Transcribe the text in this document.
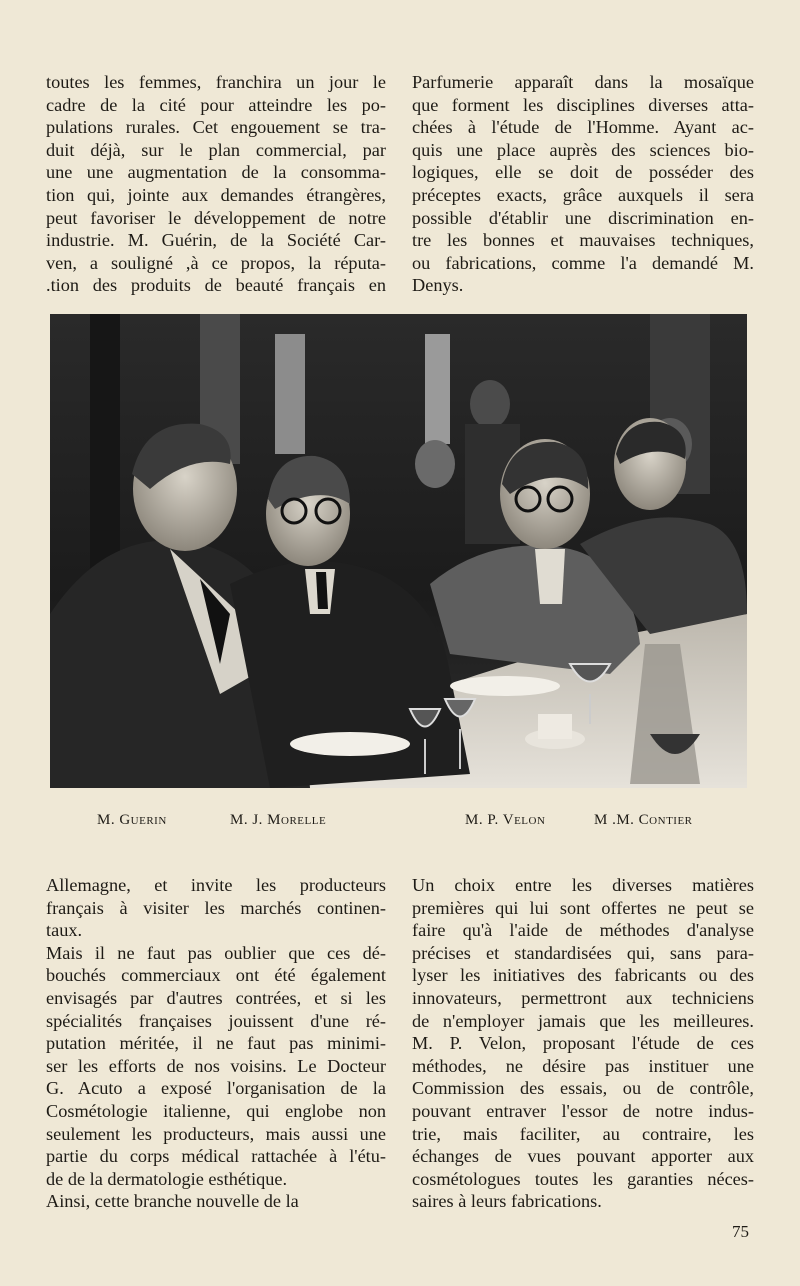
toutes les femmes, franchira un jour le
cadre de la cité pour atteindre les po-
pulations rurales. Cet engouement se tra-
duit déjà, sur le plan commercial, par
une une augmentation de la consomma-
tion qui, jointe aux demandes étrangères,
peut favoriser le développement de notre
industrie. M. Guérin, de la Société Car-
ven, a souligné ,à ce propos, la réputa-
.tion des produits de beauté français en
Parfumerie apparaît dans la mosaïque
que forment les disciplines diverses atta-
chées à l'étude de l'Homme. Ayant ac-
quis une place auprès des sciences bio-
logiques, elle se doit de posséder des
préceptes exacts, grâce auxquels il sera
possible d'établir une discrimination en-
tre les bonnes et mauvaises techniques,
ou fabrications, comme l'a demandé M.
Denys.
M. Guerin	M. J. Morelle	M. P. Velon	M .M. Contier
Allemagne, et invite les producteurs
français à visiter les marchés continen-
taux.
Mais il ne faut pas oublier que ces dé-
bouchés commerciaux ont été également
envisagés par d'autres contrées, et si les
spécialités françaises jouissent d'une ré-
putation méritée, il ne faut pas minimi-
ser les efforts de nos voisins. Le Docteur
G. Acuto a exposé l'organisation de la
Cosmétologie italienne, qui englobe non
seulement les producteurs, mais aussi une
partie du corps médical rattachée à l'étu-
de de la dermatologie esthétique.
Ainsi, cette branche nouvelle de la
Un choix entre les diverses matières
premières qui lui sont offertes ne peut se
faire qu'à l'aide de méthodes d'analyse
précises et standardisées qui, sans para-
lyser les initiatives des fabricants ou des
innovateurs, permettront aux techniciens
de n'employer jamais que les meilleures.
M. P. Velon, proposant l'étude de ces
méthodes, ne désire pas instituer une
Commission des essais, ou de contrôle,
pouvant entraver l'essor de notre indus-
trie, mais faciliter, au contraire, les
échanges de vues pouvant apporter aux
cosmétologues toutes les garanties néces-
saires à leurs fabrications.
75
